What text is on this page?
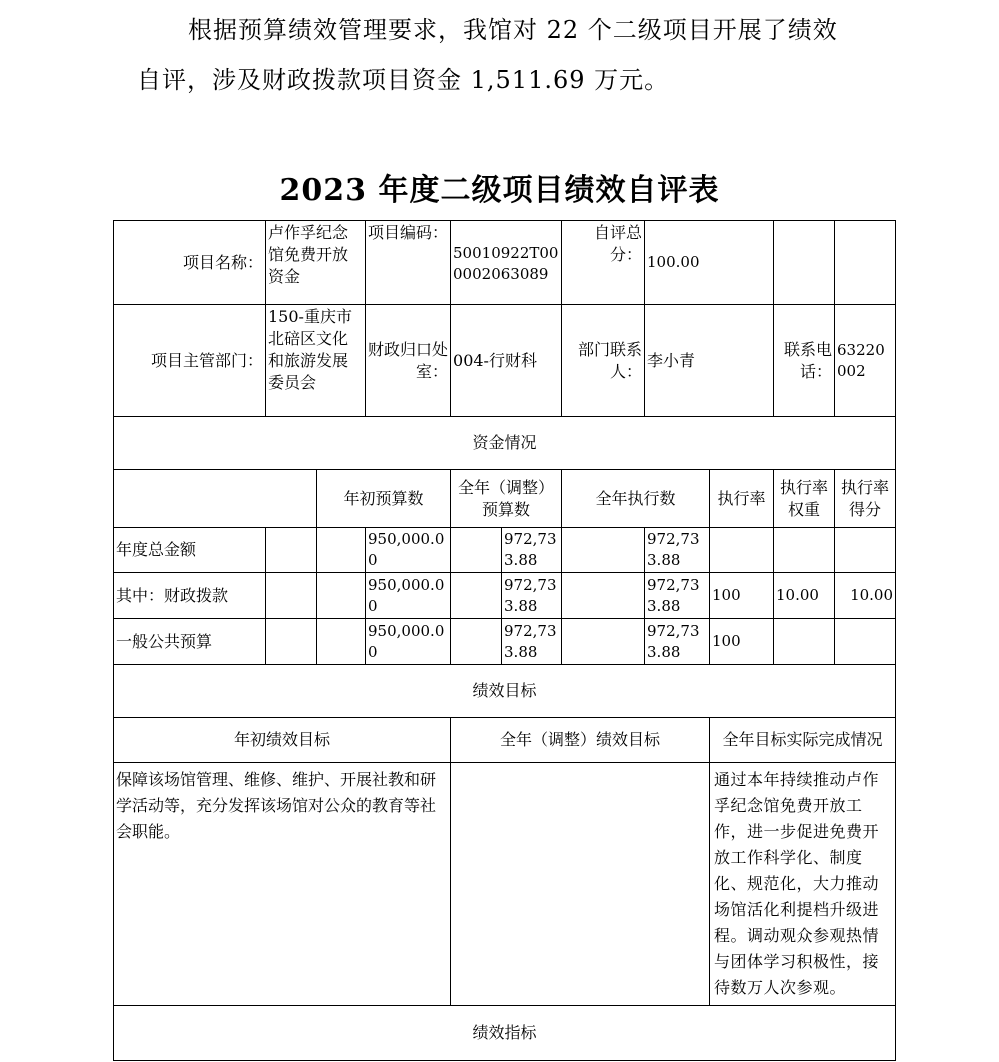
根据预算绩效管理要求，我馆对 22 个二级项目开展了绩效
自评，涉及财政拨款项目资金 1,511.69 万元。
2023 年度二级项目绩效自评表
项目名称：	卢作孚纪念馆免费开放资金		项目编码：	50010922T000002063089		自评总分：	100.00			
项目主管部门：	150-重庆市北碚区文化和旅游发展委员会		财政归口处室：	004-行财科		部门联系人：	李小青		联系电话：	63220002
资金情况										
		年初预算数		全年（调整）预算数		全年执行数		执行率	执行率权重	执行率得分
年度总金额			950,000.00		972,733.88		972,733.88			
其中：财政拨款			950,000.00		972,733.88		972,733.88	100	10.00	10.00
一般公共预算			950,000.00		972,733.88		972,733.88	100		
绩效目标										
年初绩效目标				全年（调整）绩效目标				全年目标实际完成情况		
保障该场馆管理、维修、维护、开展社教和研学活动等，充分发挥该场馆对公众的教育等社会职能。								通过本年持续推动卢作孚纪念馆免费开放工作，进一步促进免费开放工作科学化、制度化、规范化，大力推动场馆活化利提档升级进程。调动观众参观热情与团体学习积极性，接待数万人次参观。		
绩效指标										
